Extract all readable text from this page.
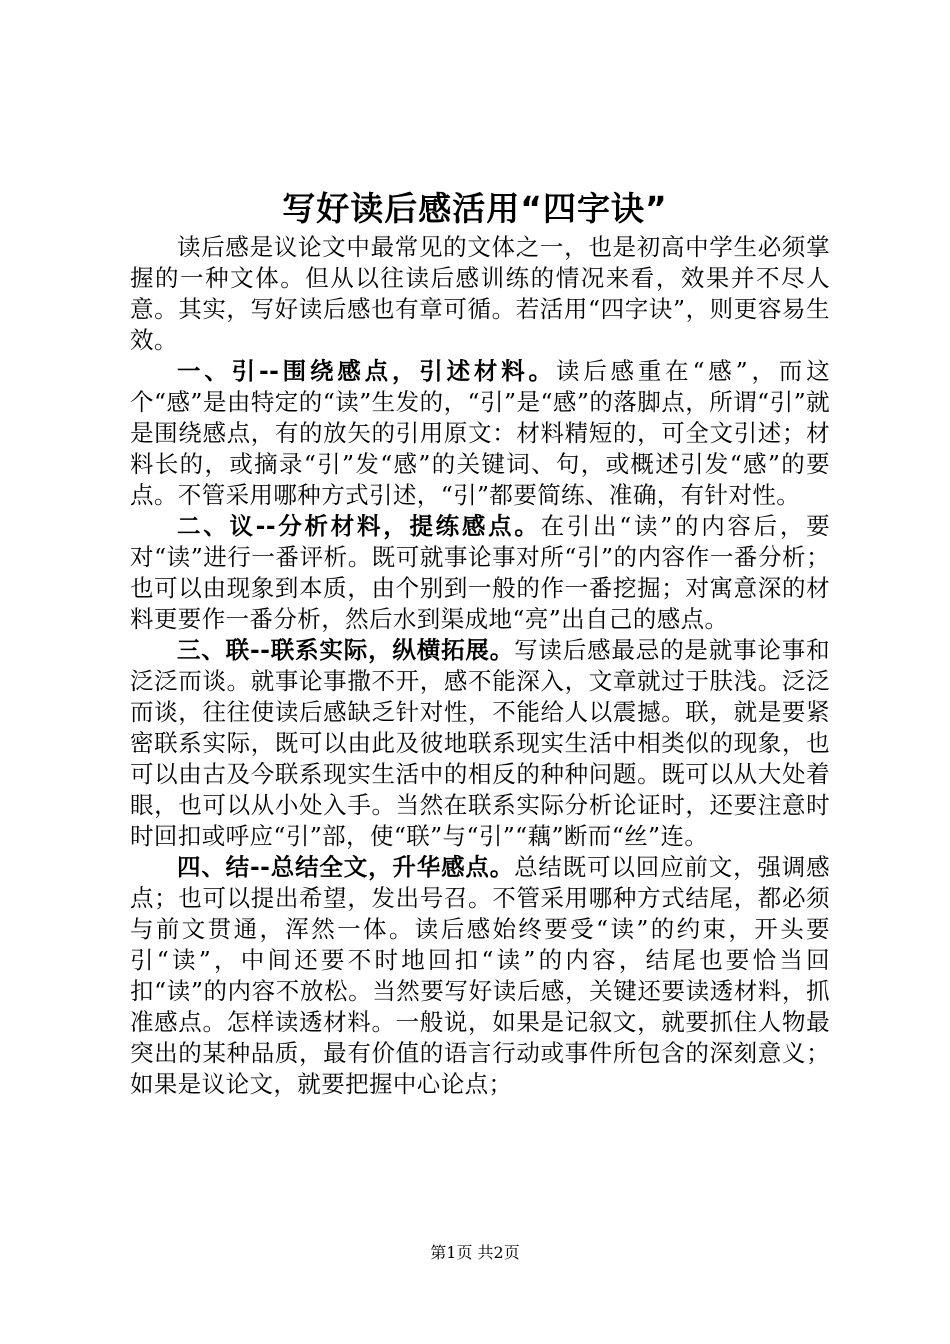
写好读后感活用“四字诀”

读后感是议论文中最常见的文体之一，也是初高中学生必须掌握的一种文体。但从以往读后感训练的情况来看，效果并不尽人意。其实，写好读后感也有章可循。若活用“四字诀”，则更容易生效。

一、引--围绕感点，引述材料。读后感重在“感”，而这个“感”是由特定的“读”生发的，“引”是“感”的落脚点，所谓“引”就是围绕感点，有的放矢的引用原文：材料精短的，可全文引述；材料长的，或摘录“引”发“感”的关键词、句，或概述引发“感”的要点。不管采用哪种方式引述，“引”都要简练、准确，有针对性。

二、议--分析材料，提练感点。在引出“读”的内容后，要对“读”进行一番评析。既可就事论事对所“引”的内容作一番分析；也可以由现象到本质，由个别到一般的作一番挖掘；对寓意深的材料更要作一番分析，然后水到渠成地“亮”出自己的感点。

三、联--联系实际，纵横拓展。写读后感最忌的是就事论事和泛泛而谈。就事论事撒不开，感不能深入，文章就过于肤浅。泛泛而谈，往往使读后感缺乏针对性，不能给人以震撼。联，就是要紧密联系实际，既可以由此及彼地联系现实生活中相类似的现象，也可以由古及今联系现实生活中的相反的种种问题。既可以从大处着眼，也可以从小处入手。当然在联系实际分析论证时，还要注意时时回扣或呼应“引”部，使“联”与“引”“藕”断而“丝”连。

四、结--总结全文，升华感点。总结既可以回应前文，强调感点；也可以提出希望，发出号召。不管采用哪种方式结尾，都必须与前文贯通，浑然一体。读后感始终要受“读”的约束，开头要引“读”，中间还要不时地回扣“读”的内容，结尾也要恰当回扣“读”的内容不放松。当然要写好读后感，关键还要读透材料，抓准感点。怎样读透材料。一般说，如果是记叙文，就要抓住人物最突出的某种品质，最有价值的语言行动或事件所包含的深刻意义；如果是议论文，就要把握中心论点；

第1页 共2页
